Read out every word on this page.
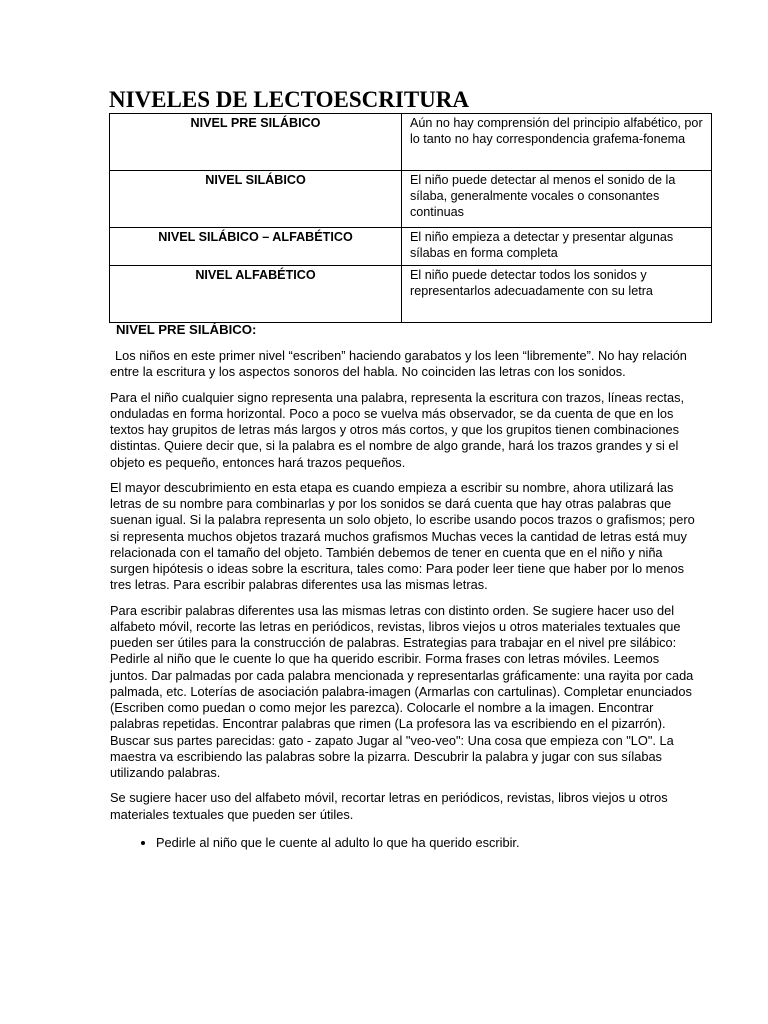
NIVELES DE LECTOESCRITURA
NIVEL PRE SILÁBICO	Aún no hay comprensión del principio alfabético, por lo tanto no hay correspondencia grafema-fonema
NIVEL SILÁBICO	El niño puede detectar al menos el sonido de la sílaba, generalmente vocales o consonantes continuas
NIVEL SILÁBICO – ALFABÉTICO	El niño empieza a detectar y presentar algunas sílabas en forma completa
NIVEL ALFABÉTICO	El niño puede detectar todos los sonidos y representarlos adecuadamente con su letra
NIVEL PRE SILÁBICO:

Los niños en este primer nivel “escriben” haciendo garabatos y los leen “libremente”. No hay relación entre la escritura y los aspectos sonoros del habla. No coinciden las letras con los sonidos.

Para el niño cualquier signo representa una palabra, representa la escritura con trazos, líneas rectas, onduladas en forma horizontal. Poco a poco se vuelva más observador, se da cuenta de que en los textos hay grupitos de letras más largos y otros más cortos, y que los grupitos tienen combinaciones distintas. Quiere decir que, si la palabra es el nombre de algo grande, hará los trazos grandes y si el objeto es pequeño, entonces hará trazos pequeños.

El mayor descubrimiento en esta etapa es cuando empieza a escribir su nombre, ahora utilizará las letras de su nombre para combinarlas y por los sonidos se dará cuenta que hay otras palabras que suenan igual. Si la palabra representa un solo objeto, lo escribe usando pocos trazos o grafismos; pero si representa muchos objetos trazará muchos grafismos Muchas veces la cantidad de letras está muy relacionada con el tamaño del objeto. También debemos de tener en cuenta que en el niño y niña surgen hipótesis o ideas sobre la escritura, tales como: Para poder leer tiene que haber por lo menos tres letras. Para escribir palabras diferentes usa las mismas letras.

Para escribir palabras diferentes usa las mismas letras con distinto orden. Se sugiere hacer uso del alfabeto móvil, recorte las letras en periódicos, revistas, libros viejos u otros materiales textuales que pueden ser útiles para la construcción de palabras. Estrategias para trabajar en el nivel pre silábico: Pedirle al niño que le cuente lo que ha querido escribir. Forma frases con letras móviles. Leemos juntos. Dar palmadas por cada palabra mencionada y representarlas gráficamente: una rayita por cada palmada, etc. Loterías de asociación palabra-imagen (Armarlas con cartulinas). Completar enunciados (Escriben como puedan o como mejor les parezca). Colocarle el nombre a la imagen. Encontrar palabras repetidas. Encontrar palabras que rimen (La profesora las va escribiendo en el pizarrón). Buscar sus partes parecidas: gato - zapato Jugar al "veo-veo": Una cosa que empieza con "LO". La maestra va escribiendo las palabras sobre la pizarra. Descubrir la palabra y jugar con sus sílabas utilizando palabras.

Se sugiere hacer uso del alfabeto móvil, recortar letras en periódicos, revistas, libros viejos u otros materiales textuales que pueden ser útiles.

• Pedirle al niño que le cuente al adulto lo que ha querido escribir.
